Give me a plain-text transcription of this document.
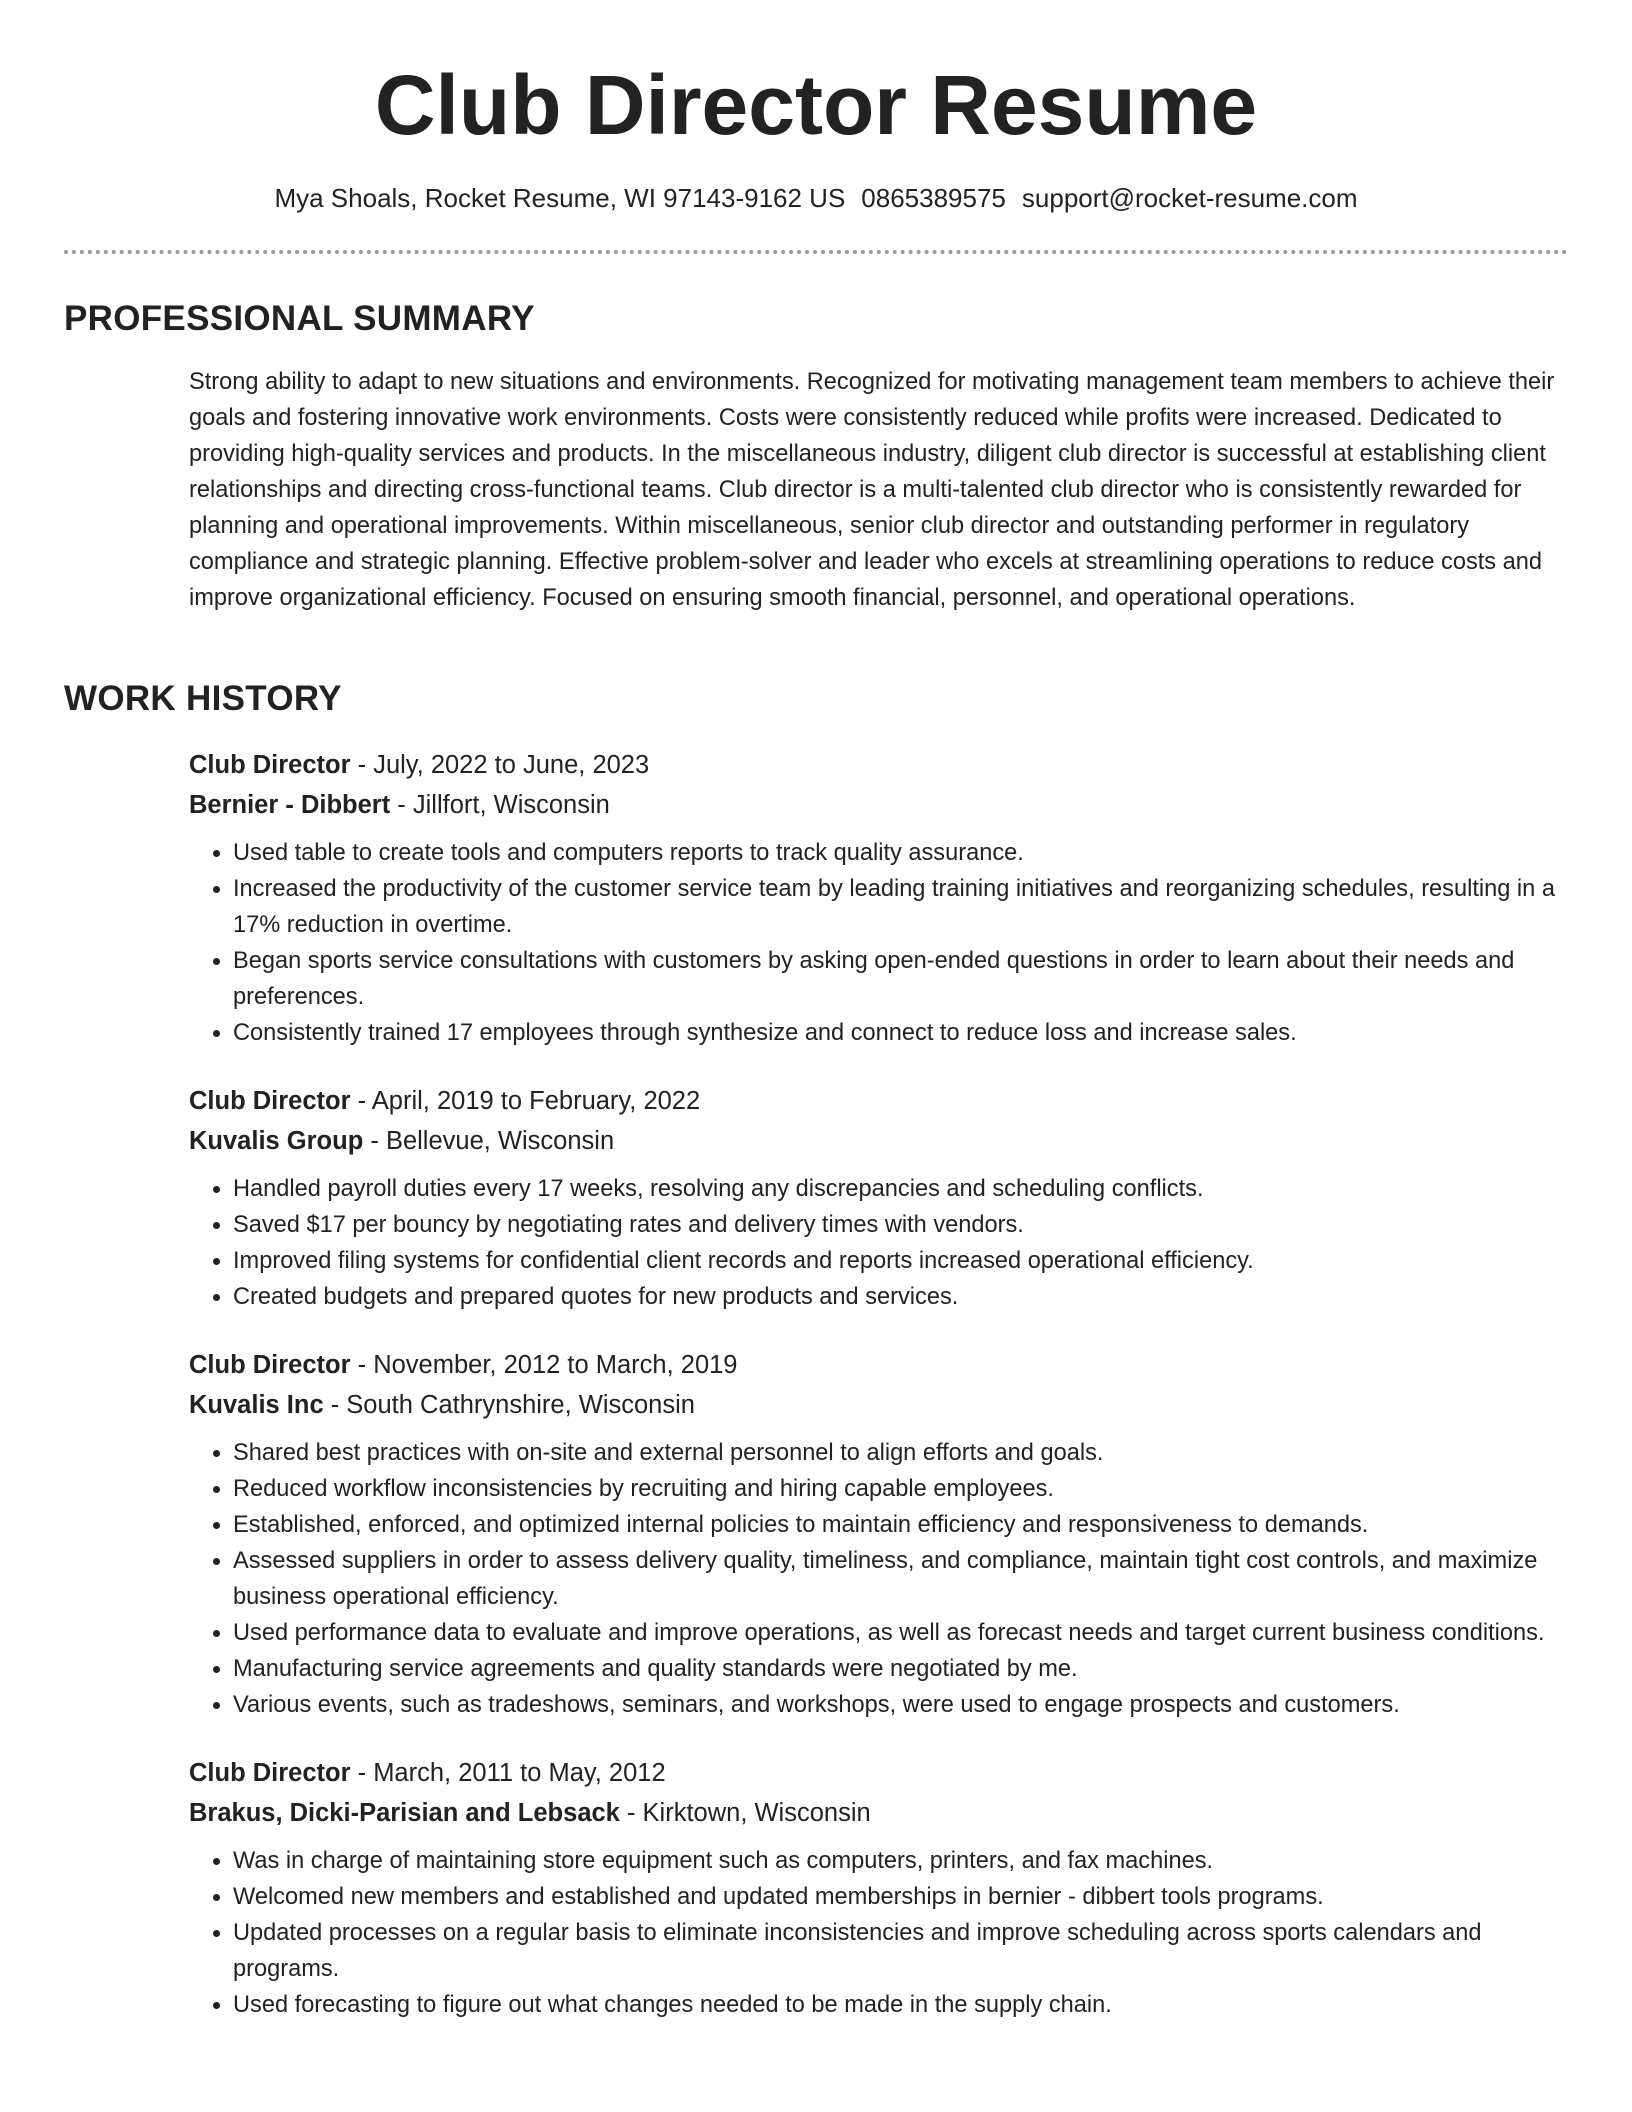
Club Director Resume
Mya Shoals, Rocket Resume, WI 97143-9162 US 0865389575 support@rocket-resume.com
PROFESSIONAL SUMMARY
Strong ability to adapt to new situations and environments. Recognized for motivating management team members to achieve their goals and fostering innovative work environments. Costs were consistently reduced while profits were increased. Dedicated to providing high-quality services and products. In the miscellaneous industry, diligent club director is successful at establishing client relationships and directing cross-functional teams. Club director is a multi-talented club director who is consistently rewarded for planning and operational improvements. Within miscellaneous, senior club director and outstanding performer in regulatory compliance and strategic planning. Effective problem-solver and leader who excels at streamlining operations to reduce costs and improve organizational efficiency. Focused on ensuring smooth financial, personnel, and operational operations.
WORK HISTORY
Club Director - July, 2022 to June, 2023
Bernier - Dibbert - Jillfort, Wisconsin
• Used table to create tools and computers reports to track quality assurance.
• Increased the productivity of the customer service team by leading training initiatives and reorganizing schedules, resulting in a 17% reduction in overtime.
• Began sports service consultations with customers by asking open-ended questions in order to learn about their needs and preferences.
• Consistently trained 17 employees through synthesize and connect to reduce loss and increase sales.
Club Director - April, 2019 to February, 2022
Kuvalis Group - Bellevue, Wisconsin
• Handled payroll duties every 17 weeks, resolving any discrepancies and scheduling conflicts.
• Saved $17 per bouncy by negotiating rates and delivery times with vendors.
• Improved filing systems for confidential client records and reports increased operational efficiency.
• Created budgets and prepared quotes for new products and services.
Club Director - November, 2012 to March, 2019
Kuvalis Inc - South Cathrynshire, Wisconsin
• Shared best practices with on-site and external personnel to align efforts and goals.
• Reduced workflow inconsistencies by recruiting and hiring capable employees.
• Established, enforced, and optimized internal policies to maintain efficiency and responsiveness to demands.
• Assessed suppliers in order to assess delivery quality, timeliness, and compliance, maintain tight cost controls, and maximize business operational efficiency.
• Used performance data to evaluate and improve operations, as well as forecast needs and target current business conditions.
• Manufacturing service agreements and quality standards were negotiated by me.
• Various events, such as tradeshows, seminars, and workshops, were used to engage prospects and customers.
Club Director - March, 2011 to May, 2012
Brakus, Dicki-Parisian and Lebsack - Kirktown, Wisconsin
• Was in charge of maintaining store equipment such as computers, printers, and fax machines.
• Welcomed new members and established and updated memberships in bernier - dibbert tools programs.
• Updated processes on a regular basis to eliminate inconsistencies and improve scheduling across sports calendars and programs.
• Used forecasting to figure out what changes needed to be made in the supply chain.
